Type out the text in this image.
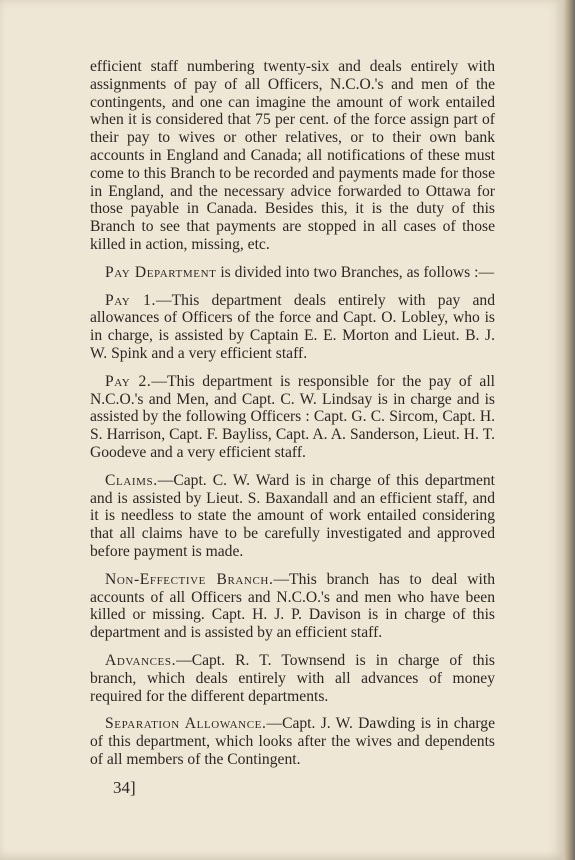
efficient staff numbering twenty-six and deals entirely with assignments of pay of all Officers, N.C.O.'s and men of the contingents, and one can imagine the amount of work entailed when it is considered that 75 per cent. of the force assign part of their pay to wives or other relatives, or to their own bank accounts in England and Canada; all notifications of these must come to this Branch to be recorded and payments made for those in England, and the necessary advice forwarded to Ottawa for those payable in Canada. Besides this, it is the duty of this Branch to see that payments are stopped in all cases of those killed in action, missing, etc.

Pay Department is divided into two Branches, as follows :—

Pay 1.—This department deals entirely with pay and allowances of Officers of the force and Capt. O. Lobley, who is in charge, is assisted by Captain E. E. Morton and Lieut. B. J. W. Spink and a very efficient staff.

Pay 2.—This department is responsible for the pay of all N.C.O.'s and Men, and Capt. C. W. Lindsay is in charge and is assisted by the following Officers : Capt. G. C. Sircom, Capt. H. S. Harrison, Capt. F. Bayliss, Capt. A. A. Sanderson, Lieut. H. T. Goodeve and a very efficient staff.

Claims.—Capt. C. W. Ward is in charge of this department and is assisted by Lieut. S. Baxandall and an efficient staff, and it is needless to state the amount of work entailed considering that all claims have to be carefully investigated and approved before payment is made.

Non-Effective Branch.—This branch has to deal with accounts of all Officers and N.C.O.'s and men who have been killed or missing. Capt. H. J. P. Davison is in charge of this department and is assisted by an efficient staff.

Advances.—Capt. R. T. Townsend is in charge of this branch, which deals entirely with all advances of money required for the different departments.

Separation Allowance.—Capt. J. W. Dawding is in charge of this department, which looks after the wives and dependents of all members of the Contingent.

34]
